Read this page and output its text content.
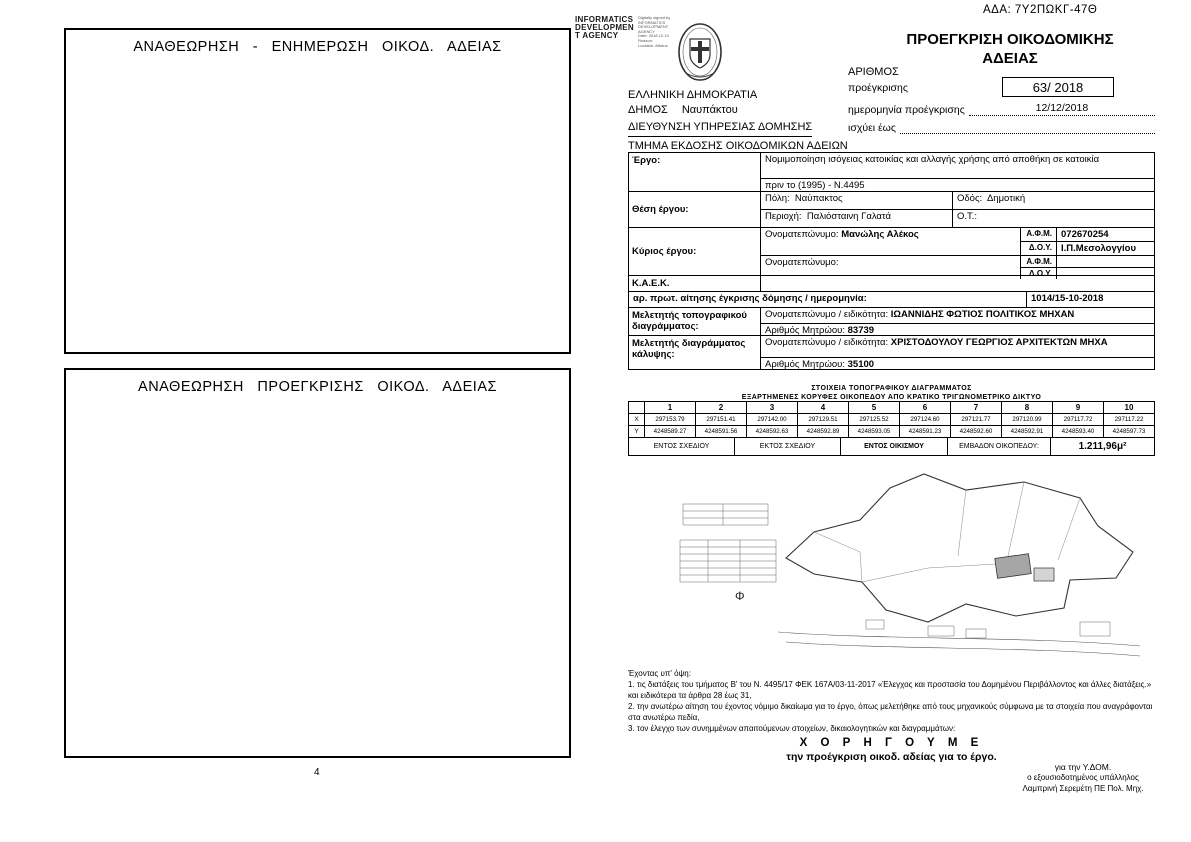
ΑΝΑΘΕΩΡΗΣΗ - ΕΝΗΜΕΡΩΣΗ ΟΙΚΟΔ. ΑΔΕΙΑΣ
ΑΝΑΘΕΩΡΗΣΗ ΠΡΟΕΓΚΡΙΣΗΣ ΟΙΚΟΔ. ΑΔΕΙΑΣ
4
ΑΔΑ: 7Υ2ΠΩΚΓ-47Θ
INFORMATICS
DEVELOPMEN
T AGENCY
Digitally signed by
INFORMATICS
DEVELOPMENT AGENCY
Date: 2018.12.13
Reason:
Location: Athens
ΕΛΛΗΝΙΚΗ ΔΗΜΟΚΡΑΤΙΑ
ΔΗΜΟΣ Ναυπάκτου
ΔΙΕΥΘΥΝΣΗ ΥΠΗΡΕΣΙΑΣ ΔΟΜΗΣΗΣ
ΤΜΗΜΑ ΕΚΔΟΣΗΣ ΟΙΚΟΔΟΜΙΚΩΝ ΑΔΕΙΩΝ
ΠΡΟΕΓΚΡΙΣΗ ΟΙΚΟΔΟΜΙΚΗΣ ΑΔΕΙΑΣ
ΑΡΙΘΜΟΣ
προέγκρισης	63/ 2018
ημερομηνία προέγκρισης	12/12/2018
ισχύει έως
Έργο:	Νομιμοποίηση ισόγειας κατοικίας και αλλαγής χρήσης από αποθήκη σε κατοικία
πριν το (1995) - Ν.4495
Θέση έργου:
Πόλη: Ναύπακτος	Οδός: Δημοτική
Περιοχή: Παλιόσταινη Γαλατά	Ο.Τ.:
Κύριος έργου:
Ονοματεπώνυμο: Μανώλης Αλέκος	Α.Φ.Μ. 072670254
Δ.Ο.Υ. Ι.Π.Μεσολογγίου
Ονοματεπώνυμο:	Α.Φ.Μ.
Δ.Ο.Υ.
Κ.Α.Ε.Κ.
αρ. πρωτ. αίτησης έγκρισης δόμησης / ημερομηνία:	1014/15-10-2018
Μελετητής τοπογραφικού διαγράμματος:
Ονοματεπώνυμο / ειδικότητα: ΙΩΑΝΝΙΔΗΣ ΦΩΤΙΟΣ ΠΟΛΙΤΙΚΟΣ ΜΗΧΑΝ
Αριθμός Μητρώου: 83739
Μελετητής διαγράμματος κάλυψης:
Ονοματεπώνυμο / ειδικότητα: ΧΡΙΣΤΟΔΟΥΛΟΥ ΓΕΩΡΓΙΟΣ ΑΡΧΙΤΕΚΤΩΝ ΜΗΧΑ
Αριθμός Μητρώου: 35100
ΣΤΟΙΧΕΙΑ ΤΟΠΟΓΡΑΦΙΚΟΥ ΔΙΑΓΡΑΜΜΑΤΟΣ
ΕΞΑΡΤΗΜΕΝΕΣ ΚΟΡΥΦΕΣ ΟΙΚΟΠΕΔΟΥ ΑΠΟ ΚΡΑΤΙΚΟ ΤΡΙΓΩΝΟΜΕΤΡΙΚΟ ΔΙΚΤΥΟ
1	2	3	4	5	6	7	8	9	10
Χ	297153.79	297151.41	297142.00	297129.51	297125.52	297124.60	297121.77	297120.99	297117.72	297117.22
Υ	4248589.27	4248591.56	4248592.63	4248592.89	4248593.05	4248591.23	4248592.60	4248592.91	4248593.40	4248597.73
ΕΝΤΟΣ ΣΧΕΔΙΟΥ	ΕΚΤΟΣ ΣΧΕΔΙΟΥ	ΕΝΤΟΣ ΟΙΚΙΣΜΟΥ	ΕΜΒΑΔΟΝ ΟΙΚΟΠΕΔΟΥ:	1.211,96μ²
Φ

Έχοντας υπ' όψη:

1. τις διατάξεις του τμήματος Β' του Ν. 4495/17 ΦΕΚ 167Α/03-11-2017 «Έλεγχος και προστασία του Δομημένου Περιβάλλοντος και άλλες διατάξεις.» και ειδικότερα τα άρθρα 28 έως 31,

2. την ανωτέρω αίτηση του έχοντος νόμιμο δικαίωμα για το έργο, όπως μελετήθηκε από τους μηχανικούς σύμφωνα με τα στοιχεία που αναγράφονται στα ανωτέρω πεδία,

3. τον έλεγχο των συνημμένων απαιτούμενων στοιχείων, δικαιολογητικών και διαγραμμάτων:

Χ Ο Ρ Η Γ Ο Υ Μ Ε
την προέγκριση οικοδ. αδείας για το έργο.
για την Υ.ΔΟΜ.
ο εξουσιοδοτημένος υπάλληλος
Λαμπρινή Σερεμέτη ΠΕ Πολ. Μηχ.
